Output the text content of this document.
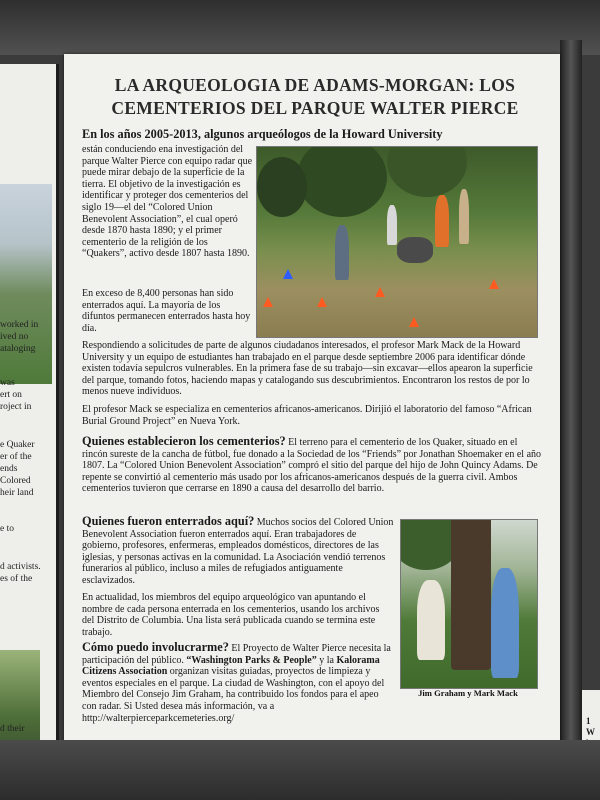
worked in
ived no
ataloging
was
ert on
roject in
e Quaker
er of the
ends
Colored
heir land
e to
d activists.
es of the
d their
1
W
LA ARQUEOLOGIA DE ADAMS-MORGAN: LOS CEMENTERIOS DEL PARQUE WALTER PIERCE

En los años 2005-2013, algunos arqueólogos de la Howard University

están conduciendo ena investigación del parque Walter Pierce con equipo radar que puede mirar debajo de la superficie de la tierra. El objetivo de la investigación es identificar y proteger dos cementerios del siglo 19—el del “Colored Union Benevolent Association”, el cual operó desde 1870 hasta 1890; y el primer cementerio de la religión de los “Quakers”, activo desde 1807 hasta 1890.

En exceso de 8,400 personas han sido enterrados aquí. La mayoría de los difuntos permanecen enterrados hasta hoy día.

Respondiendo a solicitudes de parte de algunos ciudadanos interesados, el profesor Mark Mack de la Howard University y un equipo de estudiantes han trabajado en el parque desde septiembre 2006 para identificar dónde existen todavía sepulcros vulnerables. En la primera fase de su trabajo—sin excavar—ellos apearon la superficie del parque, tomando fotos, haciendo mapas y catalogando sus descubrimientos. Encontraron los restos de por lo menos nueve individuos.

El profesor Mack se especializa en cementerios africanos-americanos. Dirijió el laboratorio del famoso “African Burial Ground Project” en Nueva York.

Quienes establecieron los cementerios? El terreno para el cementerio de los Quaker, situado en el rincón sureste de la cancha de fútbol, fue donado a la Sociedad de los “Friends” por Jonathan Shoemaker en el año 1807. La “Colored Union Benevolent Association” compró el sitio del parque del hijo de John Quincy Adams. De repente se convirtió al cementerio más usado por los africanos-americanos después de la guerra civil. Ambos cementerios tuvieron que cerrarse en 1890 a causa del desarrollo del barrio.

Jim Graham y Mark Mack

Quienes fueron enterrados aquí? Muchos socios del Colored Union Benevolent Association fueron enterrados aquí. Eran trabajadores de gobierno, profesores, enfermeras, empleados domésticos, directores de las iglesias, y personas activas en la comunidad. La Asociación vendió terrenos funerarios al público, incluso a miles de refugiados antiguamente esclavizados.

En actualidad, los miembros del equipo arqueológico van apuntando el nombre de cada persona enterrada en los cementerios, usando los archivos del Distrito de Columbia. Una lista será publicada cuando se termina este trabajo.

Cómo puedo involucrarme? El Proyecto de Walter Pierce necesita la participación del público. “Washington Parks & People” y la Kalorama Citizens Association organizan visitas guiadas, proyectos de limpieza y eventos especiales en el parque. La ciudad de Washington, con el apoyo del Miembro del Consejo Jim Graham, ha contribuido los fondos para el apeo con radar. Si Usted desea más información, va a http://walterpierceparkcemeteries.org/
